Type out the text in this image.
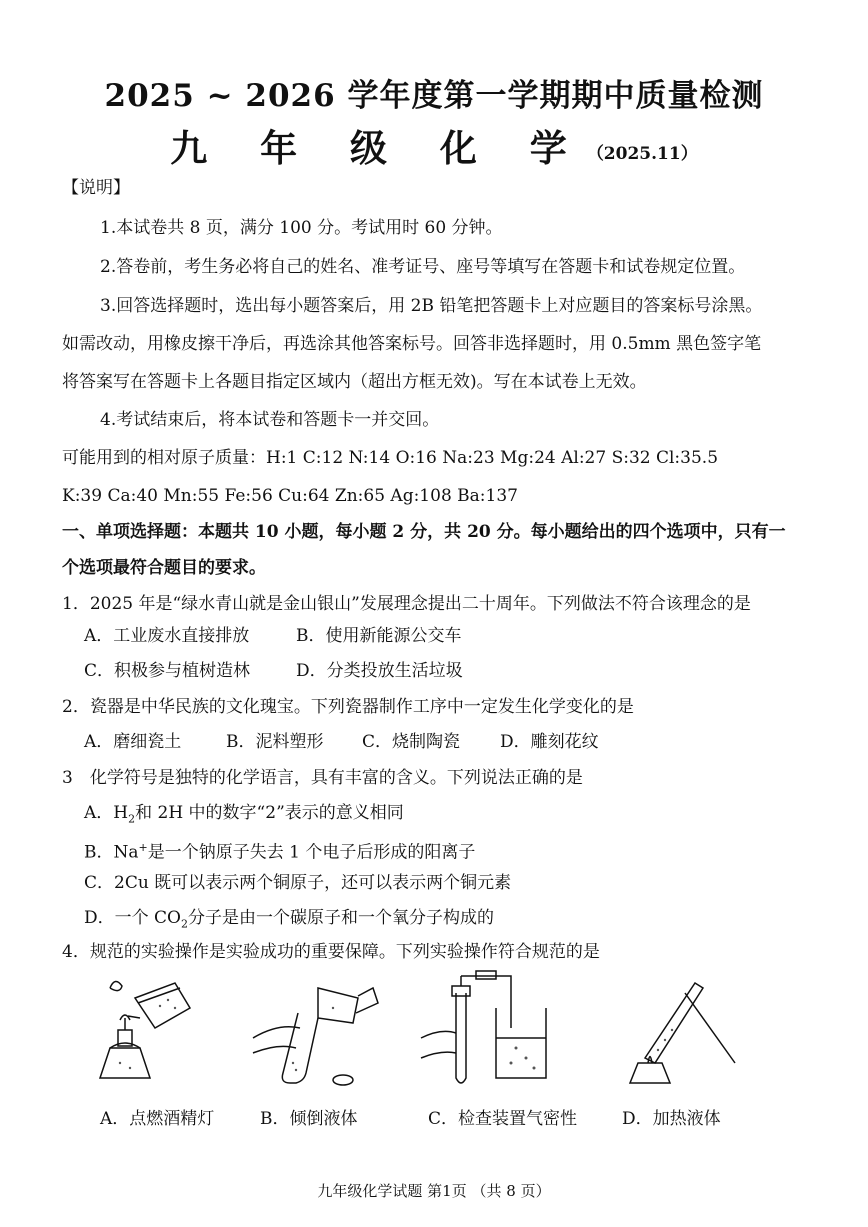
2025 ~ 2026 学年度第一学期期中质量检测
九 年 级 化 学（2025.11）
【说明】
1.本试卷共 8 页，满分 100 分。考试用时 60 分钟。
2.答卷前，考生务必将自己的姓名、准考证号、座号等填写在答题卡和试卷规定位置。
3.回答选择题时，选出每小题答案后，用 2B 铅笔把答题卡上对应题目的答案标号涂黑。
如需改动，用橡皮擦干净后，再选涂其他答案标号。回答非选择题时，用 0.5mm 黑色签字笔
将答案写在答题卡上各题目指定区域内（超出方框无效)。写在本试卷上无效。
4.考试结束后，将本试卷和答题卡一并交回。
可能用到的相对原子质量：H:1 C:12 N:14 O:16 Na:23 Mg:24 Al:27 S:32 Cl:35.5
K:39 Ca:40 Mn:55 Fe:56 Cu:64 Zn:65 Ag:108 Ba:137
一、单项选择题：本题共 10 小题，每小题 2 分，共 20 分。每小题给出的四个选项中，只有一
个选项最符合题目的要求。
1．2025 年是“绿水青山就是金山银山”发展理念提出二十周年。下列做法不符合该理念的是
A．工业废水直接排放	B．使用新能源公交车
C．积极参与植树造林	D．分类投放生活垃圾
2．瓷器是中华民族的文化瑰宝。下列瓷器制作工序中一定发生化学变化的是
A．磨细瓷土	B．泥料塑形 C．烧制陶瓷 D．雕刻花纹
3　化学符号是独特的化学语言，具有丰富的含义。下列说法正确的是
A．$H_2$和 2H 中的数字“2”表示的意义相同
B．Na+是一个钠原子失去 1 个电子后形成的阳离子
C．2Cu 既可以表示两个铜原子，还可以表示两个铜元素
D．一个 $CO_2$分子是由一个碳原子和一个氧分子构成的
4．规范的实验操作是实验成功的重要保障。下列实验操作符合规范的是
A．点燃酒精灯	B．倾倒液体	C．检查装置气密性	D．加热液体
九年级化学试题 第1页 （共 8 页）
